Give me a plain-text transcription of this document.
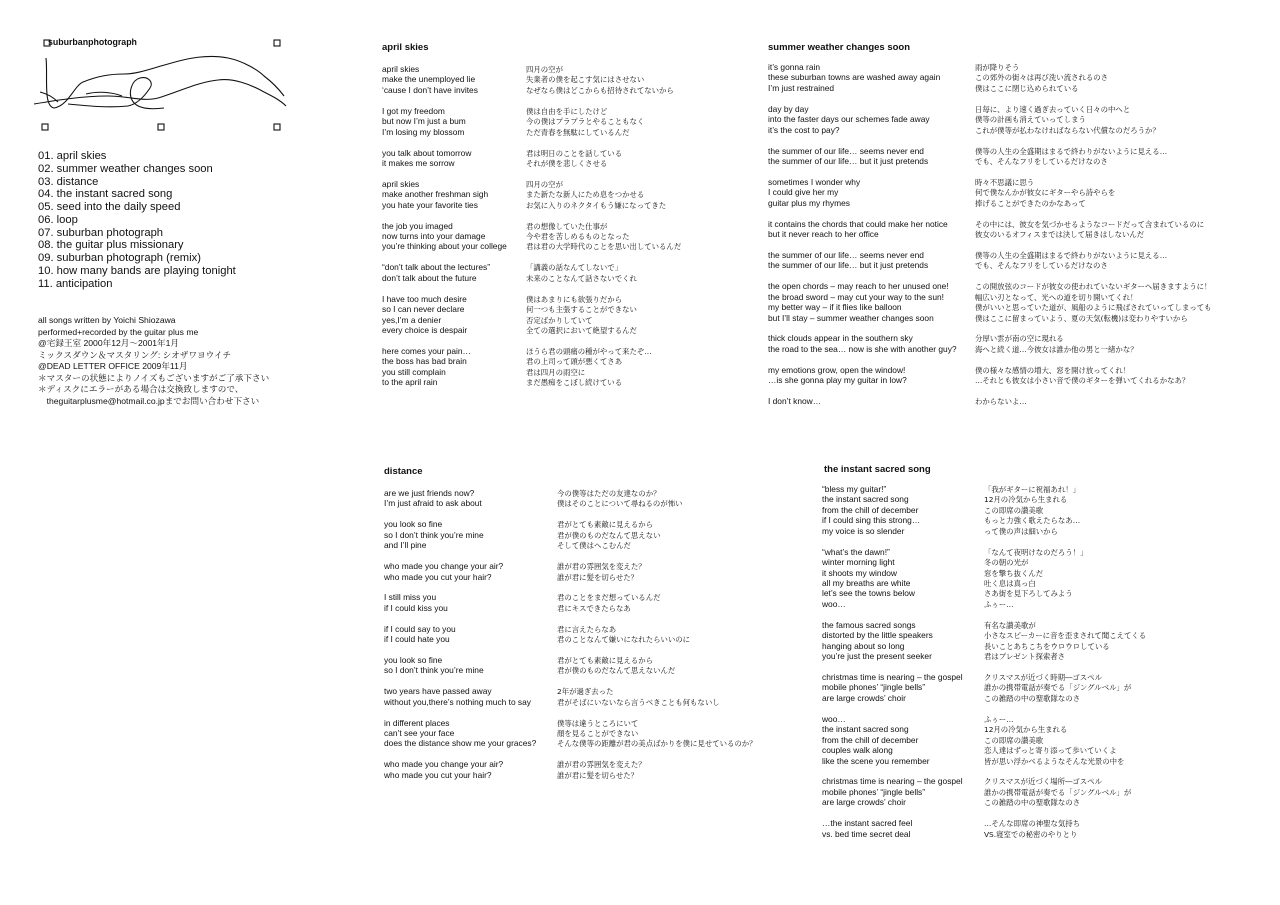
suburbanphotograph
01. april skies
02. summer weather changes soon
03. distance
04. the instant sacred song
05. seed into the daily speed
06. loop
07. suburban photograph
08. the guitar plus missionary
09. suburban photograph (remix)
10. how many bands are playing tonight
11. anticipation
all songs written by Yoichi Shiozawa
performed+recorded by the guitar plus me
@宅録王室 2000年12月～2001年1月
ミックスダウン＆マスタリング: シオザワヨウイチ
@DEAD LETTER OFFICE 2009年11月
＊マスターの状態によりノイズもございますがご了承下さい
＊ディスクにエラーがある場合は交換致しますので、
　theguitarplusme@hotmail.co.jpまでお問い合わせ下さい
april skies
april skies
make the unemployed lie
‘cause I don’t have invites
I got my freedom
but now I’m just a bum
I’m losing my blossom
you talk about tomorrow
it makes me sorrow
april skies
make another freshman sigh
you hate your favorite ties
the job you imaged
now turns into your damage
you’re thinking about your college
“don’t talk about the lectures”
don’t talk about the future
I have too much desire
so I can never declare
yes,I’m a denier
every choice is despair
here comes your pain…
the boss has bad brain
you still complain
to the april rain
四月の空が
失業者の僕を起こす気にはさせない
なぜなら僕はどこからも招待されてないから
僕は自由を手にしたけど
今の僕はプラプラとやることもなく
ただ青春を無駄にしているんだ
君は明日のことを話している
それが僕を悲しくさせる
四月の空が
また新たな新人にため息をつかせる
お気に入りのネクタイもう嫌になってきた
君の想像していた仕事が
今や君を苦しめるものとなった
君は君の大学時代のことを思い出しているんだ
「講義の話なんてしないで」
未来のことなんて話さないでくれ
僕はあまりにも欲張りだから
何一つも主張することができない
否定ばかりしていて
全ての選択において絶望するんだ
ほうら君の頭痛の種がやって来たぞ…
君の上司って頭が悪くてさあ
君は四月の雨空に
まだ愚痴をこぼし続けている
summer weather changes soon
it’s gonna rain
these suburban towns are washed away again
I’m just restrained
day by day
into the faster days our schemes fade away
it’s the cost to pay?
the summer of our life… seems never end
the summer of our life… but it just pretends
sometimes I wonder why
I could give her my
guitar plus my rhymes
it contains the chords that could make her notice
but it never reach to her office
the summer of our life… seems never end
the summer of our life… but it just pretends
the open chords – may reach to her unused one!
the broad sword – may cut your way to the sun!
my better way – if it flies like balloon
but I’ll stay – summer weather changes soon
thick clouds appear in the southern sky
the road to the sea… now is she with another guy?
my emotions grow, open the window!
…is she gonna play my guitar in low?
I don’t know…
雨が降りそう
この郊外の街々は再び洗い流されるのさ
僕はここに閉じ込められている
日毎に、より速く過ぎ去っていく日々の中へと
僕等の計画も消えていってしまう
これが僕等が払わなければならない代償なのだろうか？
僕等の人生の全盛期はまるで終わりがないように見える…
でも、そんなフリをしているだけなのさ
時々不思議に思う
何で僕なんかが彼女にギターやら詩やらを
捧げることができたのかなあって
その中には、彼女を気づかせるようなコードだって含まれているのに
彼女のいるオフィスまでは決して届きはしないんだ
僕等の人生の全盛期はまるで終わりがないように見える…
でも、そんなフリをしているだけなのさ
この開放弦のコードが彼女の使われていないギターへ届きますように！
幅広い刃となって、光への道を切り開いてくれ！
僕がいいと思っていた道が、風船のように飛ばされていってしまっても
僕はここに留まっていよう、夏の天気(転機)は変わりやすいから
分厚い雲が南の空に現れる
海へと続く道…今彼女は誰か他の男と一緒かな？
僕の様々な感情の増大、窓を開け放ってくれ！
…それとも彼女は小さい音で僕のギターを弾いてくれるかなあ？
わからないよ…
distance
are we just friends now?
I’m just afraid to ask about
you look so fine
so I don’t think you’re mine
and I’ll pine
who made you change your air?
who made you cut your hair?
I still miss you
if I could kiss you
if I could say to you
if I could hate you
you look so fine
so I don’t think you’re mine
two years have passed away
without you,there’s nothing much to say
in different places
can’t see your face
does the distance show me your graces?
who made you change your air?
who made you cut your hair?
今の僕等はただの友達なのか？
僕はそのことについて尋ねるのが怖い
君がとても素敵に見えるから
君が僕のものだなんて思えない
そして僕はへこむんだ
誰が君の雰囲気を変えた？
誰が君に髪を切らせた？
君のことをまだ想っているんだ
君にキスできたらなあ
君に言えたらなあ
君のことなんて嫌いになれたらいいのに
君がとても素敵に見えるから
君が僕のものだなんて思えないんだ
2年が過ぎ去った
君がそばにいないなら言うべきことも何もないし
僕等は違うところにいて
顔を見ることができない
そんな僕等の距離が君の美点ばかりを僕に見せているのか？
誰が君の雰囲気を変えた？
誰が君に髪を切らせた？
the instant sacred song
“bless my guitar!”
the instant sacred song
from the chill of december
if I could sing this strong…
my voice is so slender
“what’s the dawn!”
winter morning light
it shoots my window
all my breaths are white
let’s see the towns below
woo…
the famous sacred songs
distorted by the little speakers
hanging about so long
you’re just the present seeker
christmas time is nearing – the gospel
mobile phones’ “jingle bells”
are large crowds’ choir
woo…
the instant sacred song
from the chill of december
couples walk along
like the scene you remember
christmas time is nearing – the gospel
mobile phones’ “jingle bells”
are large crowds’ choir
…the instant sacred feel
vs. bed time secret deal
「我がギターに祝福あれ！」
12月の冷気から生まれる
この即席の讃美歌
もっと力強く歌えたらなあ…
って僕の声は細いから
「なんて夜明けなのだろう！」
冬の朝の光が
窓を撃ち抜くんだ
吐く息は真っ白
さあ街を見下ろしてみよう
ふぅー…
有名な讃美歌が
小さなスピーカーに音を歪まされて聞こえてくる
長いことあちこちをウロウロしている
君はプレゼント探索者さ
クリスマスが近づく時期―ゴスペル
誰かの携帯電話が奏でる「ジングルベル」が
この雑踏の中の聖歌隊なのさ
ふぅー…
12月の冷気から生まれる
この即席の讃美歌
恋人達はずっと寄り添って歩いていくよ
皆が思い浮かべるようなそんな光景の中を
クリスマスが近づく場所―ゴスペル
誰かの携帯電話が奏でる「ジングルベル」が
この雑踏の中の聖歌隊なのさ
…そんな即席の神聖な気持ち
VS.寝室での秘密のやりとり
